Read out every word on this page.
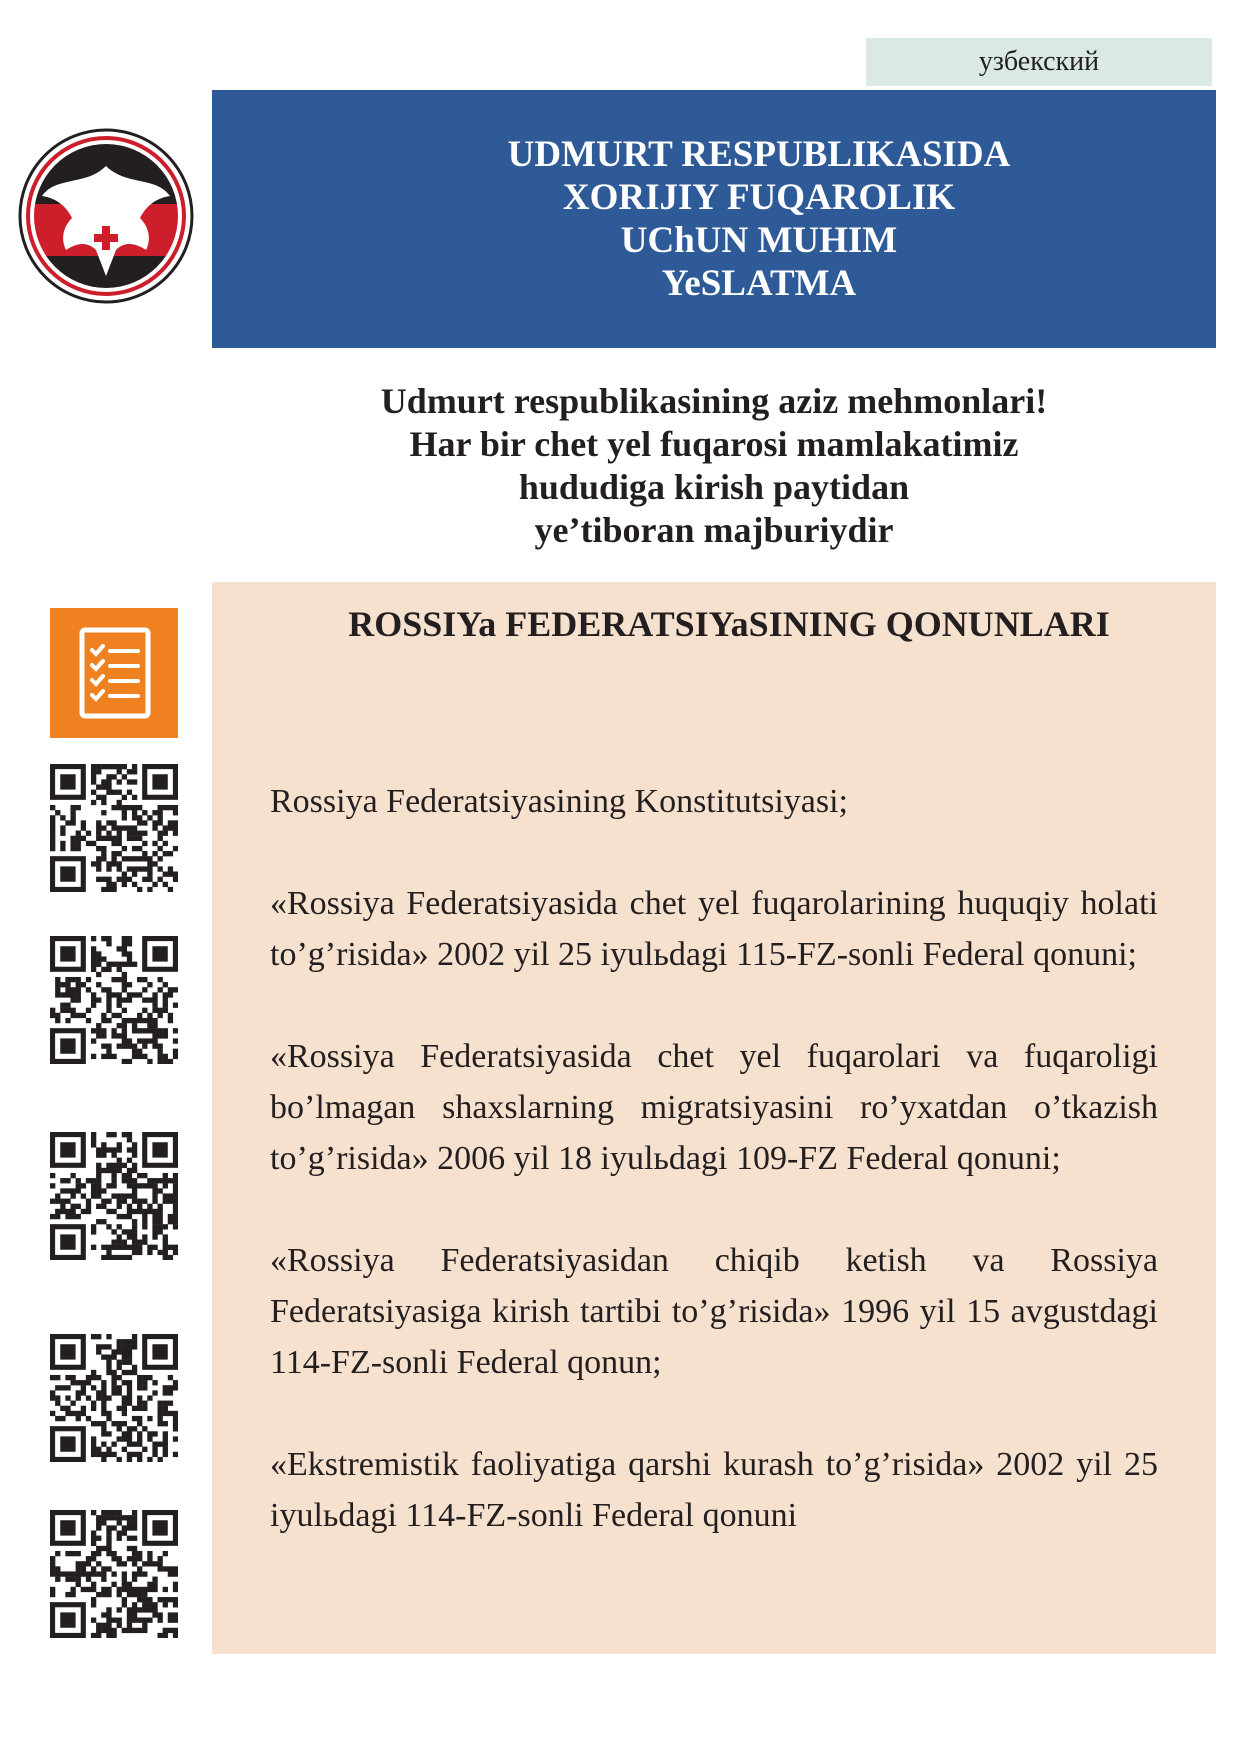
узбекский
UDMURT RESPUBLIKASIDA
XORIJIY FUQAROLIK
UChUN MUHIM
YeSLATMA
Udmurt respublikasining aziz mehmonlari!
Har bir chet yel fuqarosi mamlakatimiz
hududiga kirish paytidan
ye’tiboran majburiydir
ROSSIYa FEDERATSIYaSINING QONUNLARI

Rossiya Federatsiyasining Konstitutsiyasi;

«Rossiya Federatsiyasida chet yel fuqarolarining huquqiy holati to’g’risida» 2002 yil 25 iyulьdagi 115-FZ-sonli Federal qonuni;

«Rossiya Federatsiyasida chet yel fuqarolari va fuqaroligi bo’lmagan shaxslarning migratsiyasini ro’yxatdan o’tkazish to’g’risida» 2006 yil 18 iyulьdagi 109-FZ Federal qonuni;

«Rossiya Federatsiyasidan chiqib ketish va Rossiya Federatsiyasiga kirish tartibi to’g’risida» 1996 yil 15 avgustdagi 114-FZ-sonli Federal qonun;

«Ekstremistik faoliyatiga qarshi kurash to’g’risida» 2002 yil 25 iyulьdagi 114-FZ-sonli Federal qonuni
